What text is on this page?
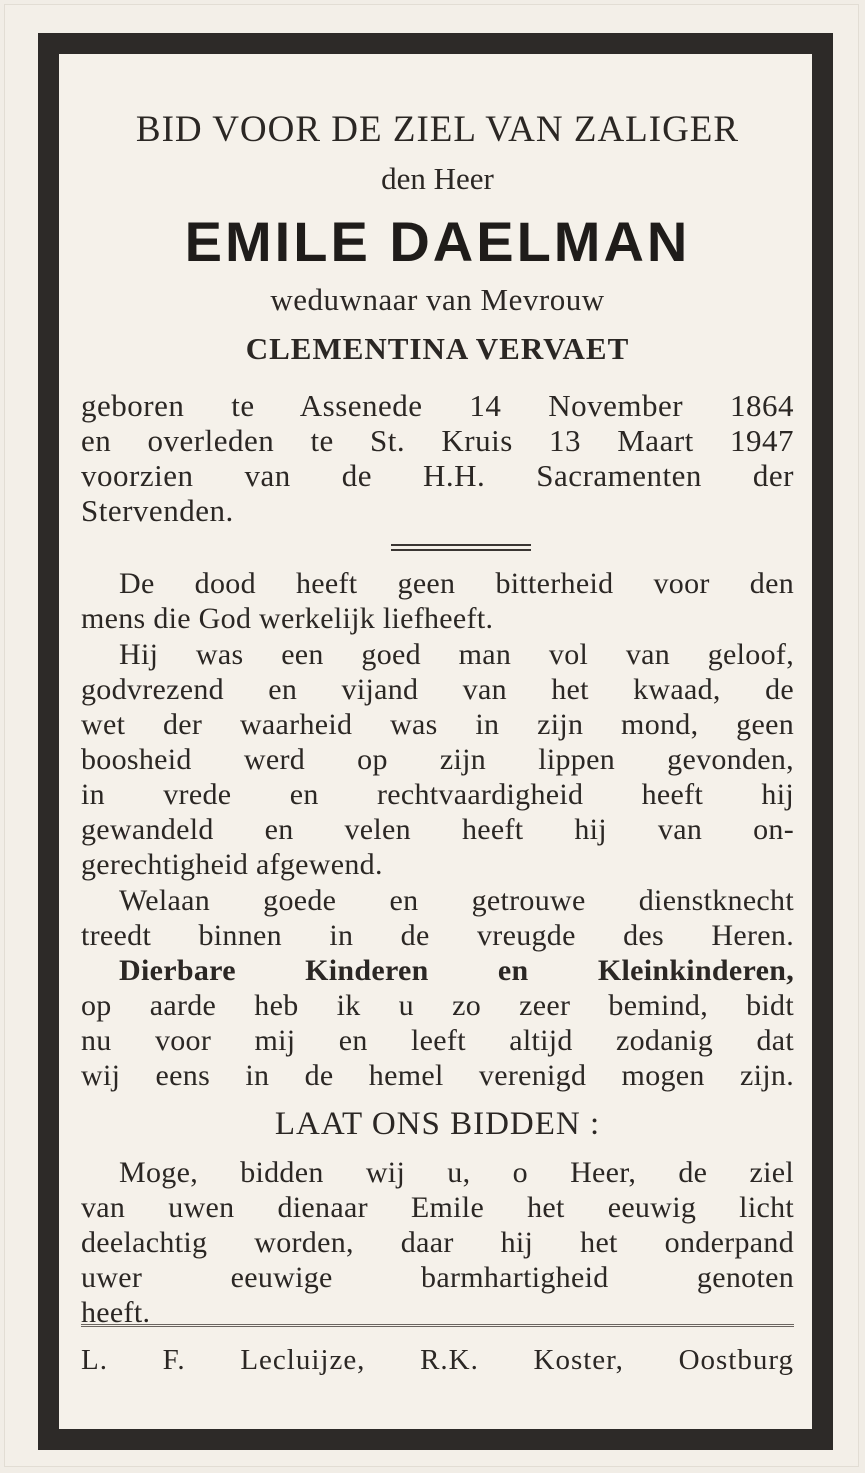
BID VOOR DE ZIEL VAN ZALIGER
den Heer
EMILE DAELMAN
weduwnaar van Mevrouw
CLEMENTINA VERVAET
geboren te Assenede 14 November 1864
en overleden te St. Kruis 13 Maart 1947
voorzien van de H.H. Sacramenten der
Stervenden.
De dood heeft geen bitterheid voor den
mens die God werkelijk liefheeft.
Hij was een goed man vol van geloof,
godvrezend en vijand van het kwaad, de
wet der waarheid was in zijn mond, geen
boosheid werd op zijn lippen gevonden,
in vrede en rechtvaardigheid heeft hij
gewandeld en velen heeft hij van on-
gerechtigheid afgewend.
Welaan goede en getrouwe dienstknecht
treedt binnen in de vreugde des Heren.
Dierbare Kinderen en Kleinkinderen,
op aarde heb ik u zo zeer bemind, bidt
nu voor mij en leeft altijd zodanig dat
wij eens in de hemel verenigd mogen zijn.
LAAT ONS BIDDEN :
Moge, bidden wij u, o Heer, de ziel
van uwen dienaar Emile het eeuwig licht
deelachtig worden, daar hij het onderpand
uwer eeuwige barmhartigheid genoten
heeft.
L. F. Lecluijze, R.K. Koster, Oostburg
